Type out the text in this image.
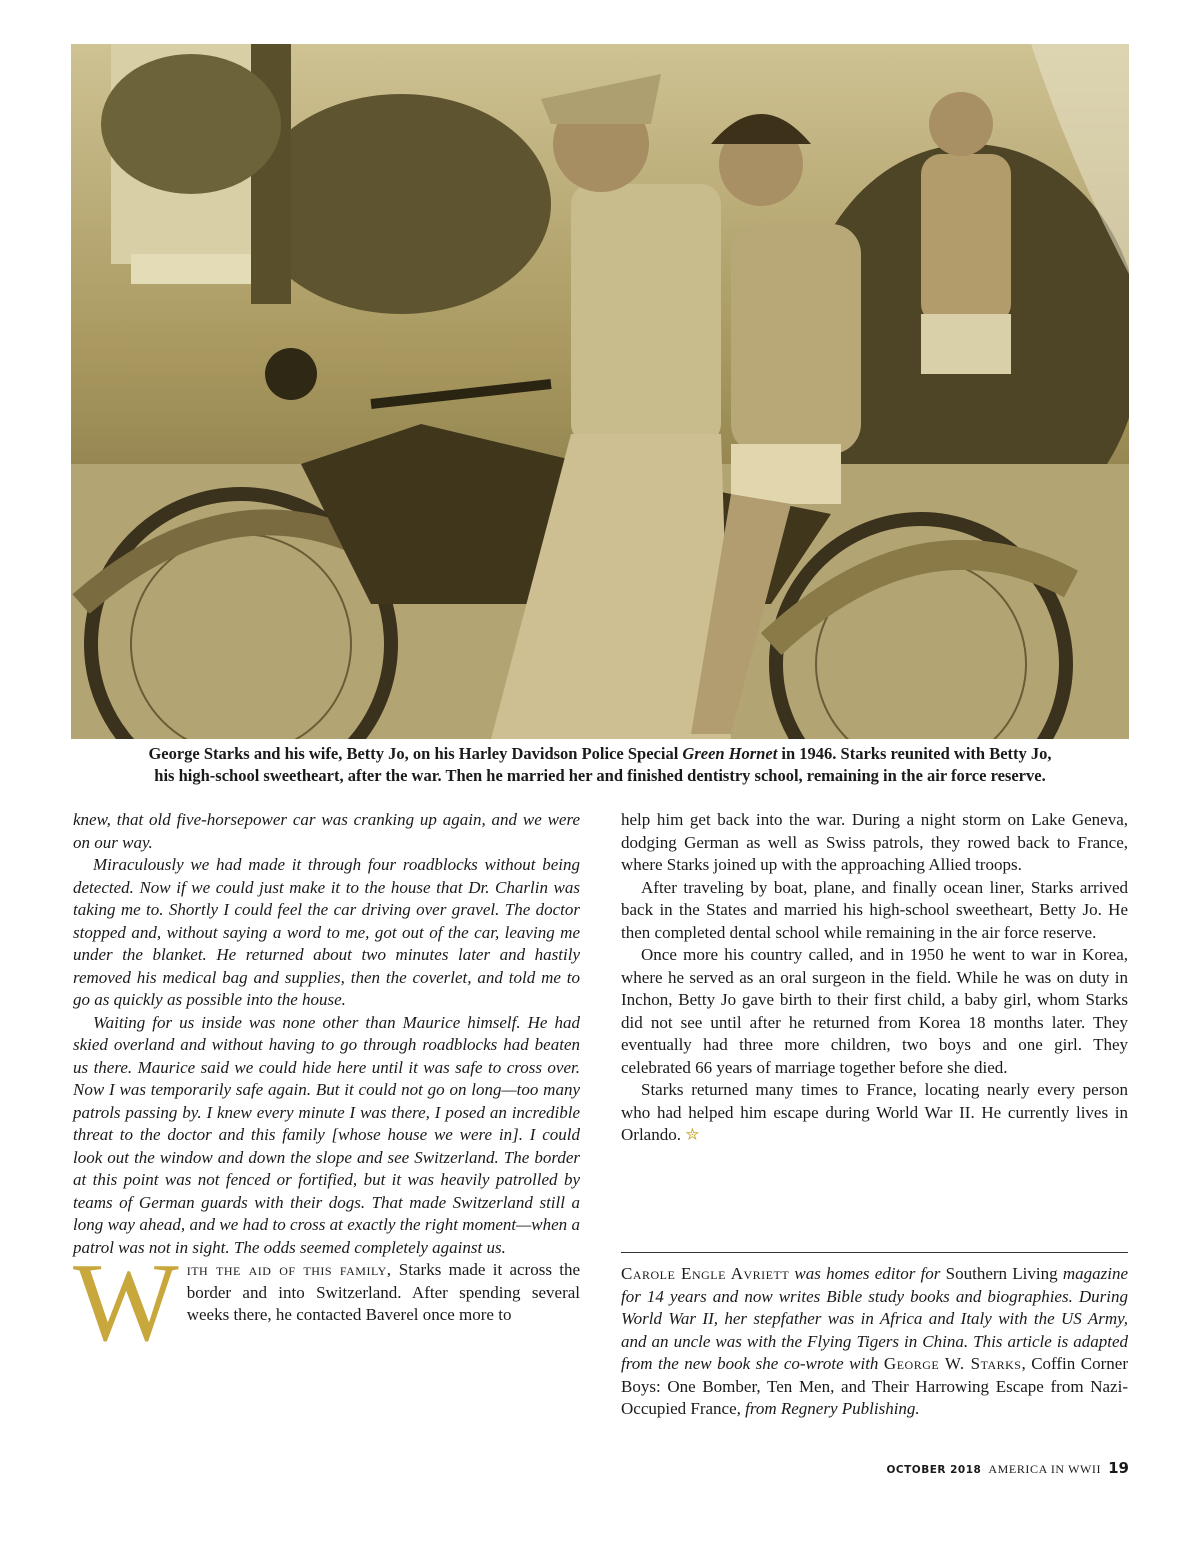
George Starks and his wife, Betty Jo, on his Harley Davidson Police Special Green Hornet in 1946. Starks reunited with Betty Jo,
his high-school sweetheart, after the war. Then he married her and finished dentistry school, remaining in the air force reserve.

knew, that old five-horsepower car was cranking up again, and we were on our way.

Miraculously we had made it through four roadblocks without being detected. Now if we could just make it to the house that Dr. Charlin was taking me to. Shortly I could feel the car driving over gravel. The doctor stopped and, without saying a word to me, got out of the car, leaving me under the blanket. He returned about two minutes later and hastily removed his medical bag and supplies, then the coverlet, and told me to go as quickly as possible into the house.

Waiting for us inside was none other than Maurice himself. He had skied overland and without having to go through roadblocks had beaten us there. Maurice said we could hide here until it was safe to cross over. Now I was temporarily safe again. But it could not go on long—too many patrols passing by. I knew every minute I was there, I posed an incredible threat to the doctor and this family [whose house we were in]. I could look out the window and down the slope and see Switzerland. The border at this point was not fenced or fortified, but it was heavily patrolled by teams of German guards with their dogs. That made Switzerland still a long way ahead, and we had to cross at exactly the right moment—when a patrol was not in sight. The odds seemed completely against us.

With the aid of this family, Starks made it across the border and into Switzerland. After spending several weeks there, he contacted Baverel once more to

help him get back into the war. During a night storm on Lake Geneva, dodging German as well as Swiss patrols, they rowed back to France, where Starks joined up with the approaching Allied troops.

After traveling by boat, plane, and finally ocean liner, Starks arrived back in the States and married his high-school sweetheart, Betty Jo. He then completed dental school while remaining in the air force reserve.

Once more his country called, and in 1950 he went to war in Korea, where he served as an oral surgeon in the field. While he was on duty in Inchon, Betty Jo gave birth to their first child, a baby girl, whom Starks did not see until after he returned from Korea 18 months later. They eventually had three more children, two boys and one girl. They celebrated 66 years of marriage together before she died.

Starks returned many times to France, locating nearly every person who had helped him escape during World War II. He currently lives in Orlando. ✮

Carole Engle Avriett was homes editor for Southern Living magazine for 14 years and now writes Bible study books and biographies. During World War II, her stepfather was in Africa and Italy with the US Army, and an uncle was with the Flying Tigers in China. This article is adapted from the new book she co-wrote with George W. Starks, Coffin Corner Boys: One Bomber, Ten Men, and Their Harrowing Escape from Nazi-Occupied France, from Regnery Publishing.
OCTOBER 2018 AMERICA IN WWII 19
